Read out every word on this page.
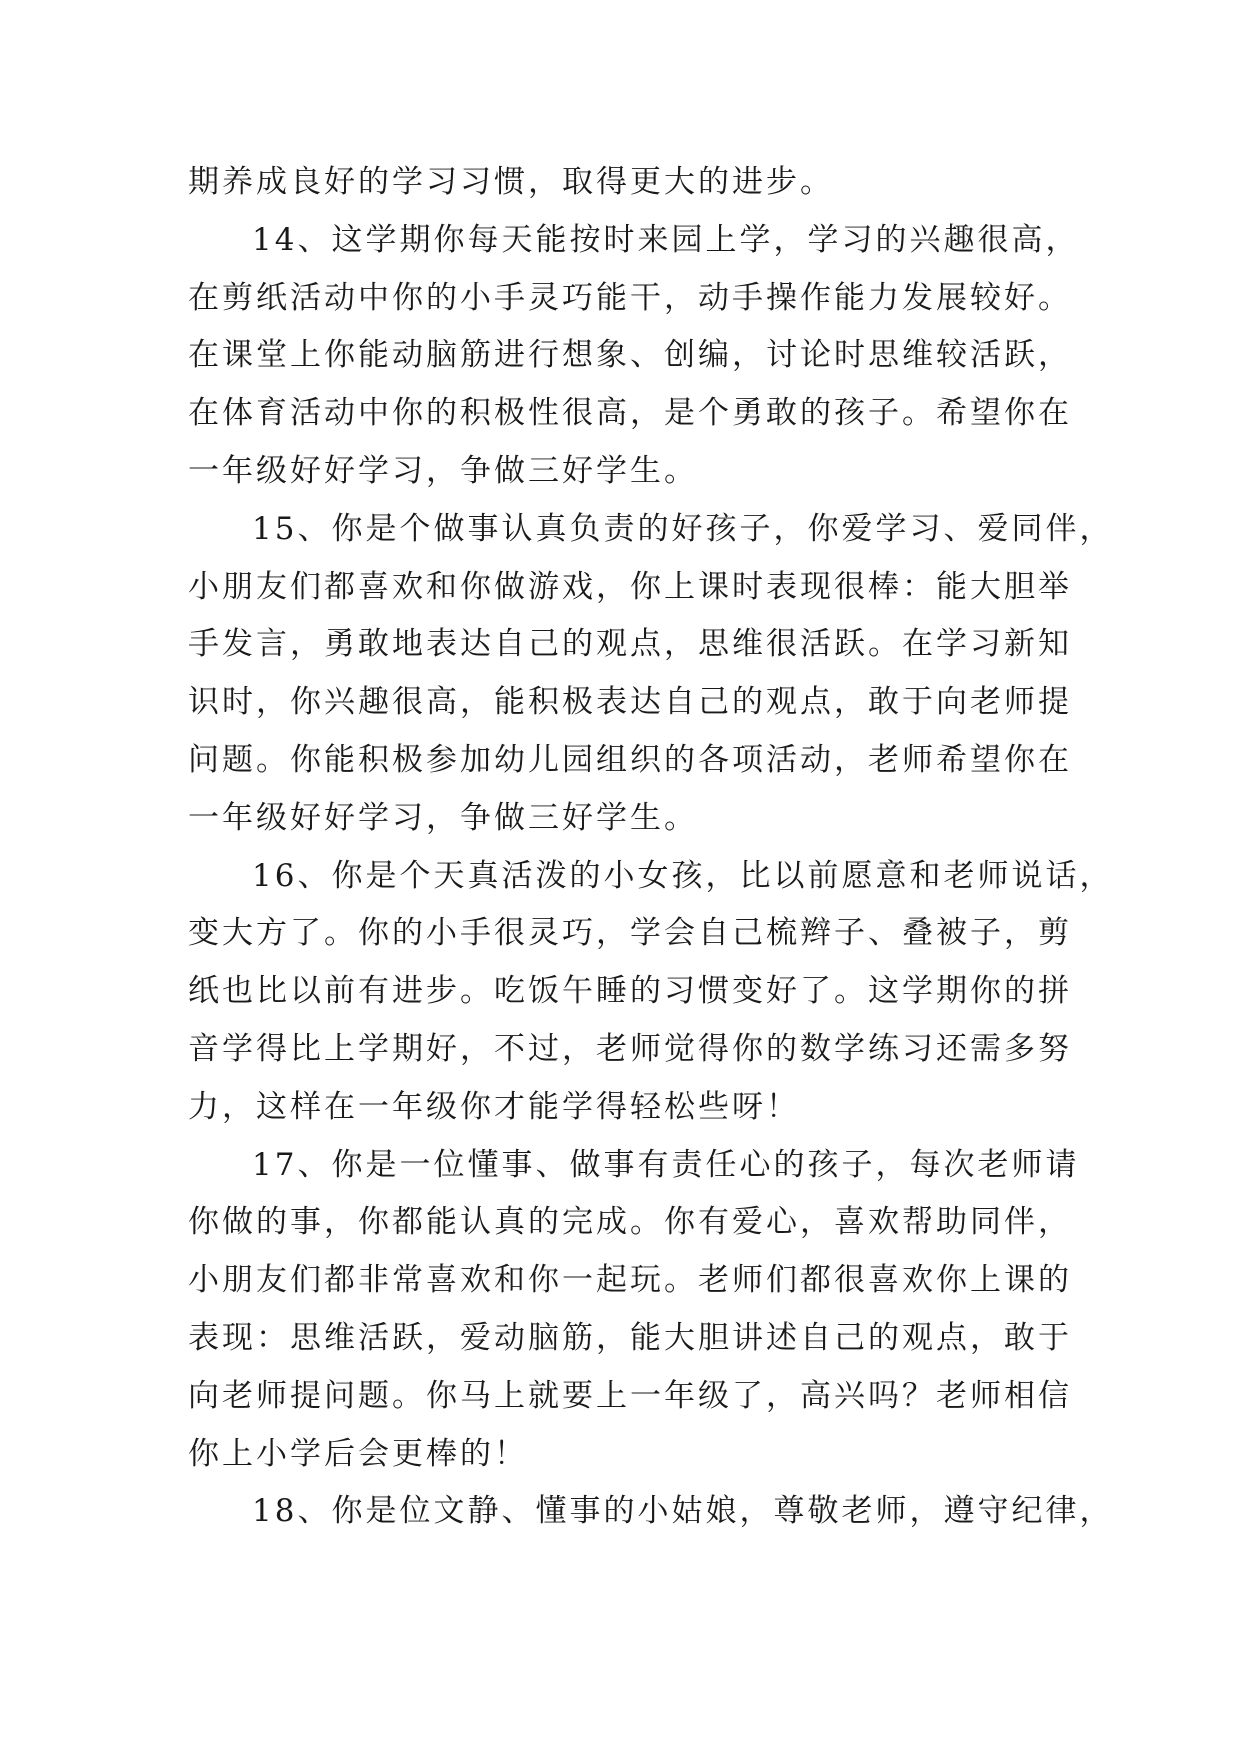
期养成良好的学习习惯，取得更大的进步。
14、这学期你每天能按时来园上学，学习的兴趣很高，
在剪纸活动中你的小手灵巧能干，动手操作能力发展较好。
在课堂上你能动脑筋进行想象、创编，讨论时思维较活跃，
在体育活动中你的积极性很高，是个勇敢的孩子。希望你在
一年级好好学习，争做三好学生。
15、你是个做事认真负责的好孩子，你爱学习、爱同伴，
小朋友们都喜欢和你做游戏，你上课时表现很棒：能大胆举
手发言，勇敢地表达自己的观点，思维很活跃。在学习新知
识时，你兴趣很高，能积极表达自己的观点，敢于向老师提
问题。你能积极参加幼儿园组织的各项活动，老师希望你在
一年级好好学习，争做三好学生。
16、你是个天真活泼的小女孩，比以前愿意和老师说话，
变大方了。你的小手很灵巧，学会自己梳辫子、叠被子，剪
纸也比以前有进步。吃饭午睡的习惯变好了。这学期你的拼
音学得比上学期好，不过，老师觉得你的数学练习还需多努
力，这样在一年级你才能学得轻松些呀！
17、你是一位懂事、做事有责任心的孩子，每次老师请
你做的事，你都能认真的完成。你有爱心，喜欢帮助同伴，
小朋友们都非常喜欢和你一起玩。老师们都很喜欢你上课的
表现：思维活跃，爱动脑筋，能大胆讲述自己的观点，敢于
向老师提问题。你马上就要上一年级了，高兴吗？老师相信
你上小学后会更棒的！
18、你是位文静、懂事的小姑娘，尊敬老师，遵守纪律，
